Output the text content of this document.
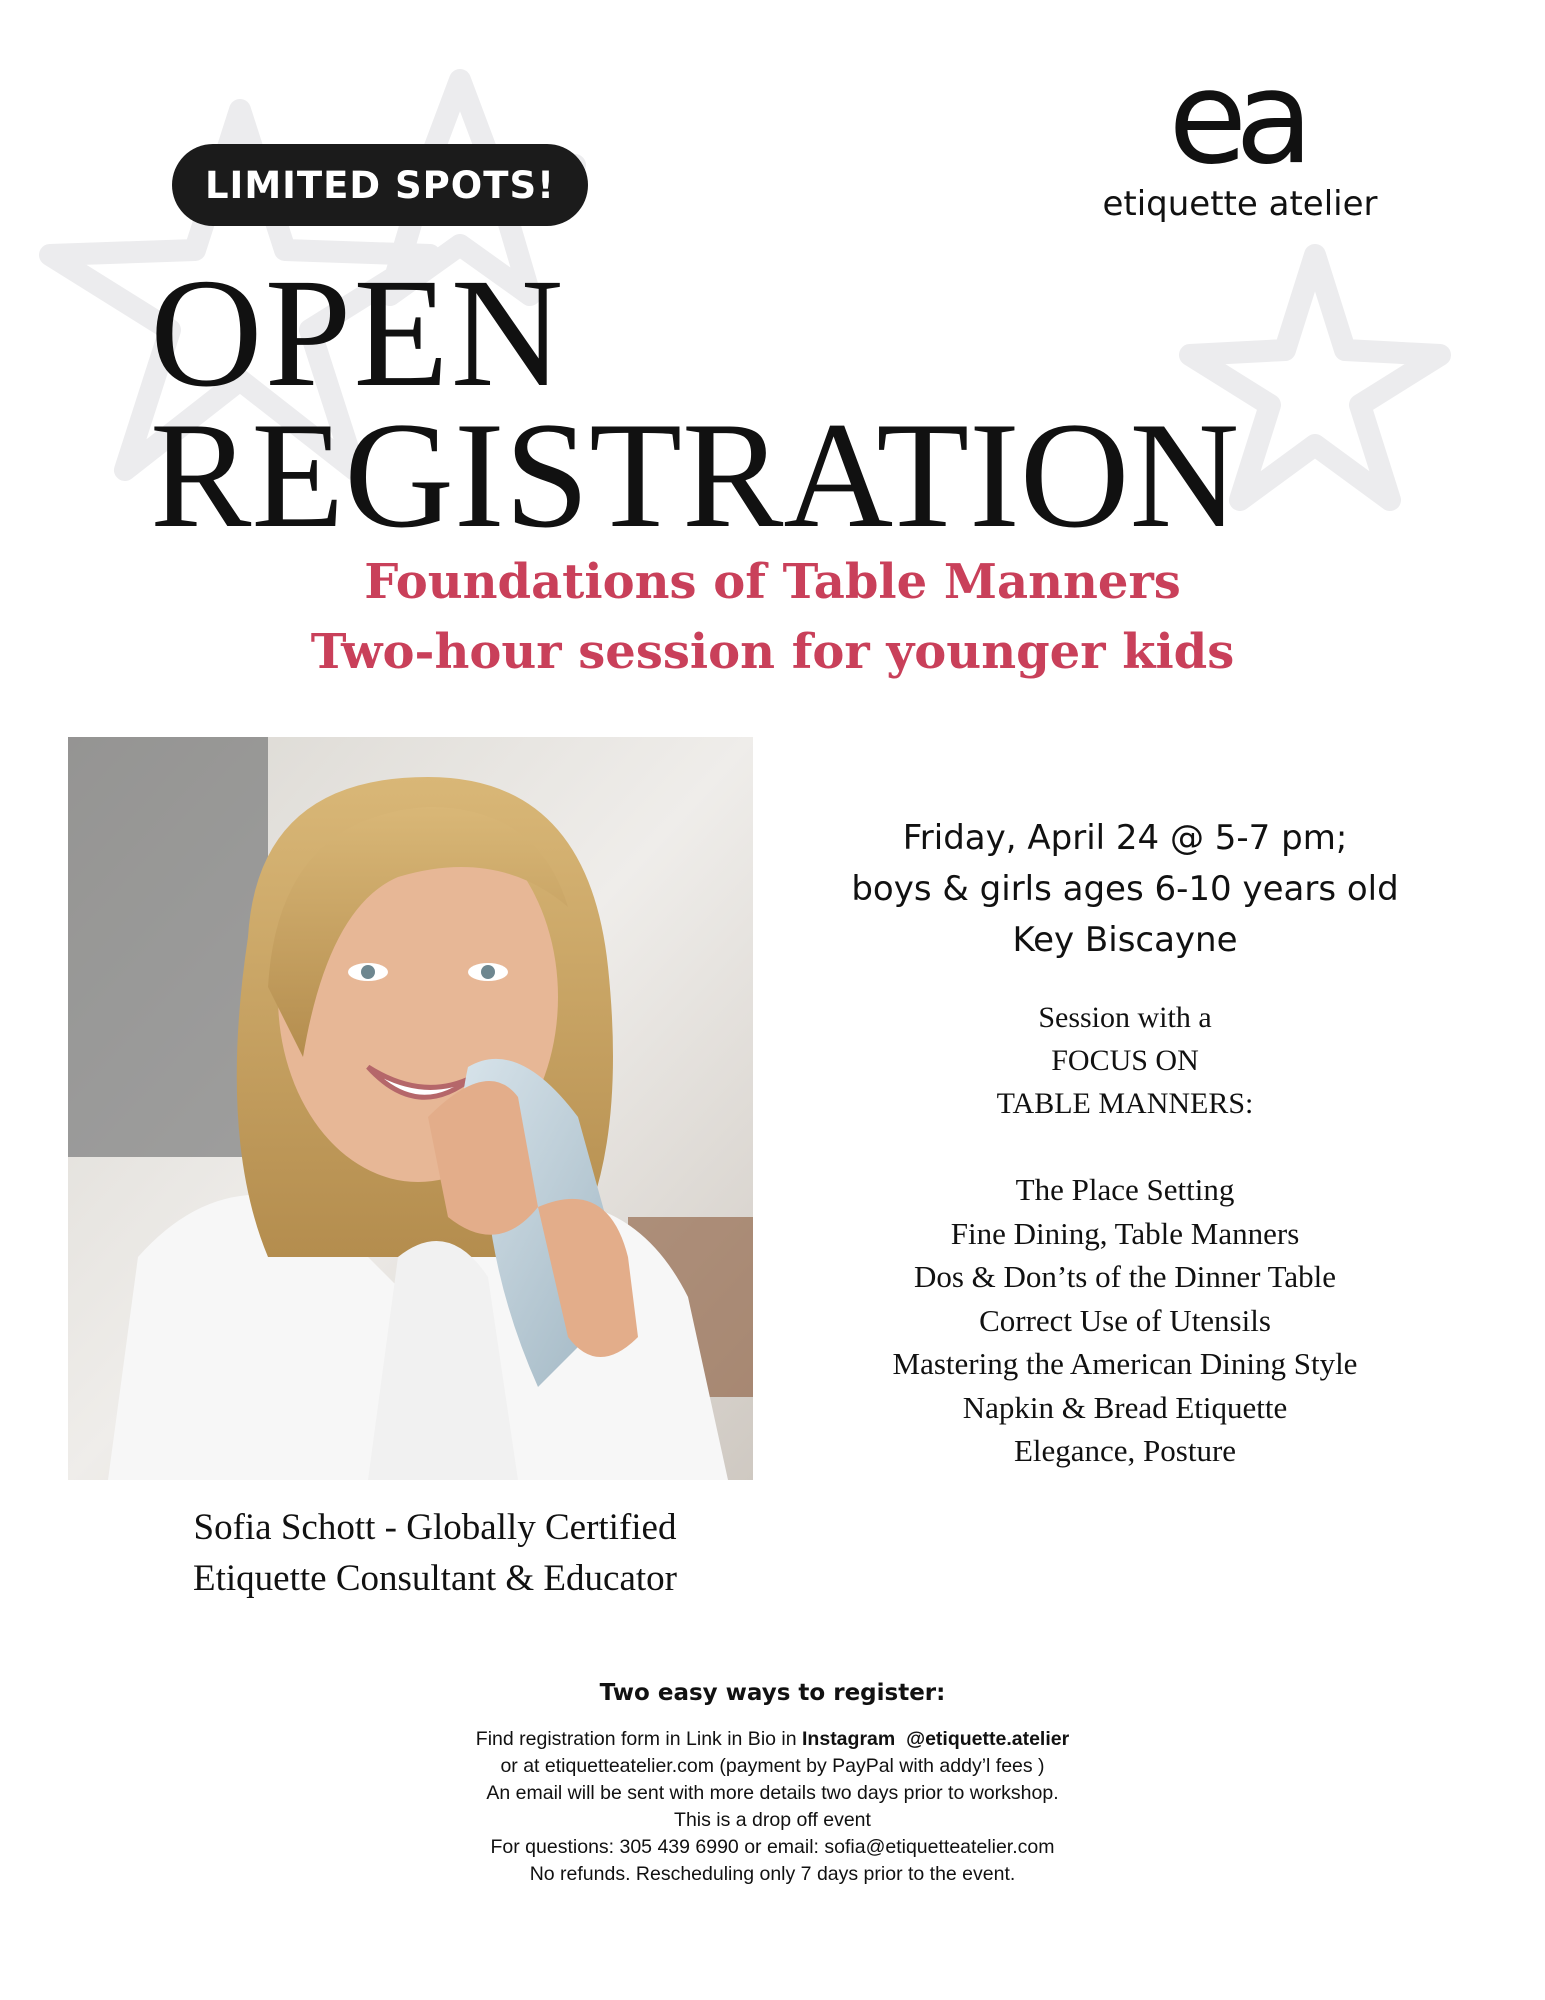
LIMITED SPOTS!	ea
etiquette atelier
OPEN
REGISTRATION
Foundations of Table Manners
Two-hour session for younger kids
Sofia Schott - Globally Certified
Etiquette Consultant & Educator
Friday, April 24 @ 5-7 pm;
boys & girls ages 6-10 years old
Key Biscayne
Session with a
FOCUS ON
TABLE MANNERS:
The Place Setting
Fine Dining, Table Manners
Dos & Don’ts of the Dinner Table
Correct Use of Utensils
Mastering the American Dining Style
Napkin & Bread Etiquette
Elegance, Posture
Two easy ways to register:
Find registration form in Link in Bio in Instagram @etiquette.atelier
or at etiquetteatelier.com (payment by PayPal with addy’l fees )
An email will be sent with more details two days prior to workshop.
This is a drop off event
For questions: 305 439 6990 or email: sofia@etiquetteatelier.com
No refunds. Rescheduling only 7 days prior to the event.
